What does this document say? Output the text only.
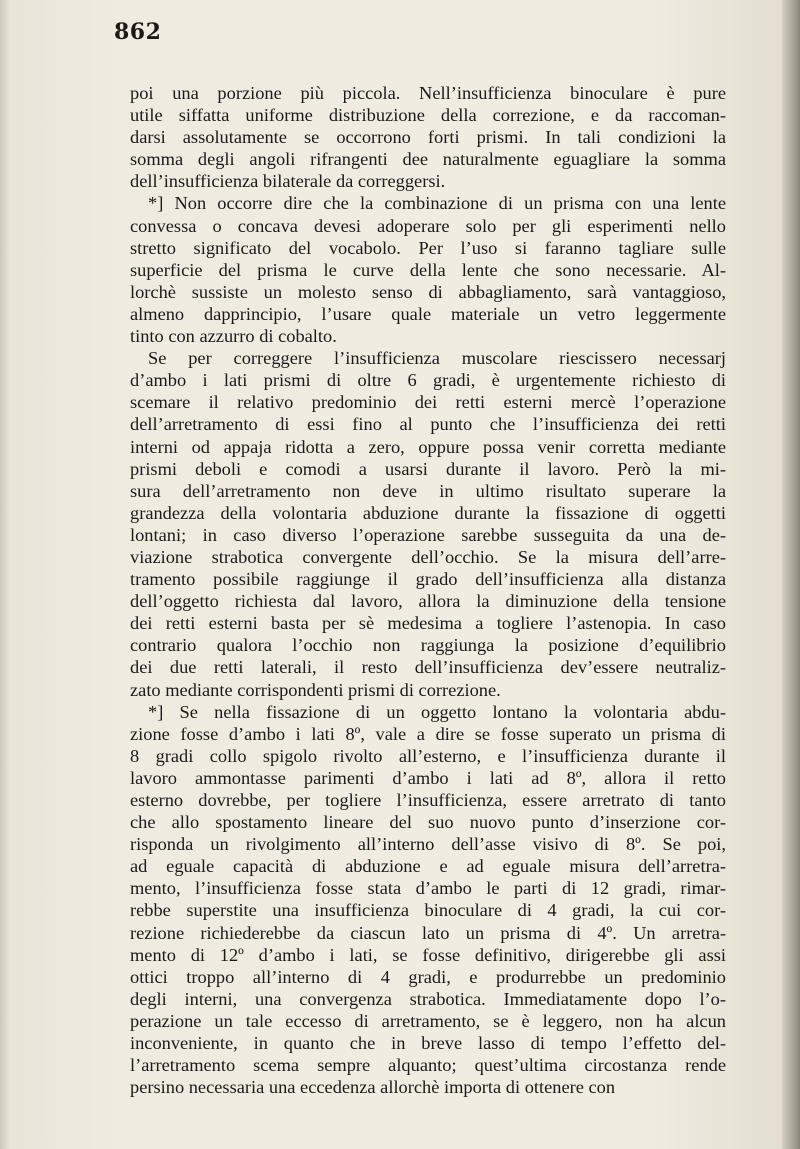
862
poi una porzione più piccola. Nell’insufficienza binoculare è pure
utile siffatta uniforme distribuzione della correzione, e da raccoman-
darsi assolutamente se occorrono forti prismi. In tali condizioni la
somma degli angoli rifrangenti dee naturalmente eguagliare la somma
dell’insufficienza bilaterale da correggersi.
*] Non occorre dire che la combinazione di un prisma con una lente
convessa o concava devesi adoperare solo per gli esperimenti nello
stretto significato del vocabolo. Per l’uso si faranno tagliare sulle
superficie del prisma le curve della lente che sono necessarie. Al-
lorchè sussiste un molesto senso di abbagliamento, sarà vantaggioso,
almeno dapprincipio, l’usare quale materiale un vetro leggermente
tinto con azzurro di cobalto.
Se per correggere l’insufficienza muscolare riescissero necessarj
d’ambo i lati prismi di oltre 6 gradi, è urgentemente richiesto di
scemare il relativo predominio dei retti esterni mercè l’operazione
dell’arretramento di essi fino al punto che l’insufficienza dei retti
interni od appaja ridotta a zero, oppure possa venir corretta mediante
prismi deboli e comodi a usarsi durante il lavoro. Però la mi-
sura dell’arretramento non deve in ultimo risultato superare la
grandezza della volontaria abduzione durante la fissazione di oggetti
lontani; in caso diverso l’operazione sarebbe susseguita da una de-
viazione strabotica convergente dell’occhio. Se la misura dell’arre-
tramento possibile raggiunge il grado dell’insufficienza alla distanza
dell’oggetto richiesta dal lavoro, allora la diminuzione della tensione
dei retti esterni basta per sè medesima a togliere l’astenopia. In caso
contrario qualora l’occhio non raggiunga la posizione d’equilibrio
dei due retti laterali, il resto dell’insufficienza dev’essere neutraliz-
zato mediante corrispondenti prismi di correzione.
*] Se nella fissazione di un oggetto lontano la volontaria abdu-
zione fosse d’ambo i lati 8º, vale a dire se fosse superato un prisma di
8 gradi collo spigolo rivolto all’esterno, e l’insufficienza durante il
lavoro ammontasse parimenti d’ambo i lati ad 8º, allora il retto
esterno dovrebbe, per togliere l’insufficienza, essere arretrato di tanto
che allo spostamento lineare del suo nuovo punto d’inserzione cor-
risponda un rivolgimento all’interno dell’asse visivo di 8º. Se poi,
ad eguale capacità di abduzione e ad eguale misura dell’arretra-
mento, l’insufficienza fosse stata d’ambo le parti di 12 gradi, rimar-
rebbe superstite una insufficienza binoculare di 4 gradi, la cui cor-
rezione richiederebbe da ciascun lato un prisma di 4º. Un arretra-
mento di 12º d’ambo i lati, se fosse definitivo, dirigerebbe gli assi
ottici troppo all’interno di 4 gradi, e produrrebbe un predominio
degli interni, una convergenza strabotica. Immediatamente dopo l’o-
perazione un tale eccesso di arretramento, se è leggero, non ha alcun
inconveniente, in quanto che in breve lasso di tempo l’effetto del-
l’arretramento scema sempre alquanto; quest’ultima circostanza rende
persino necessaria una eccedenza allorchè importa di ottenere con
